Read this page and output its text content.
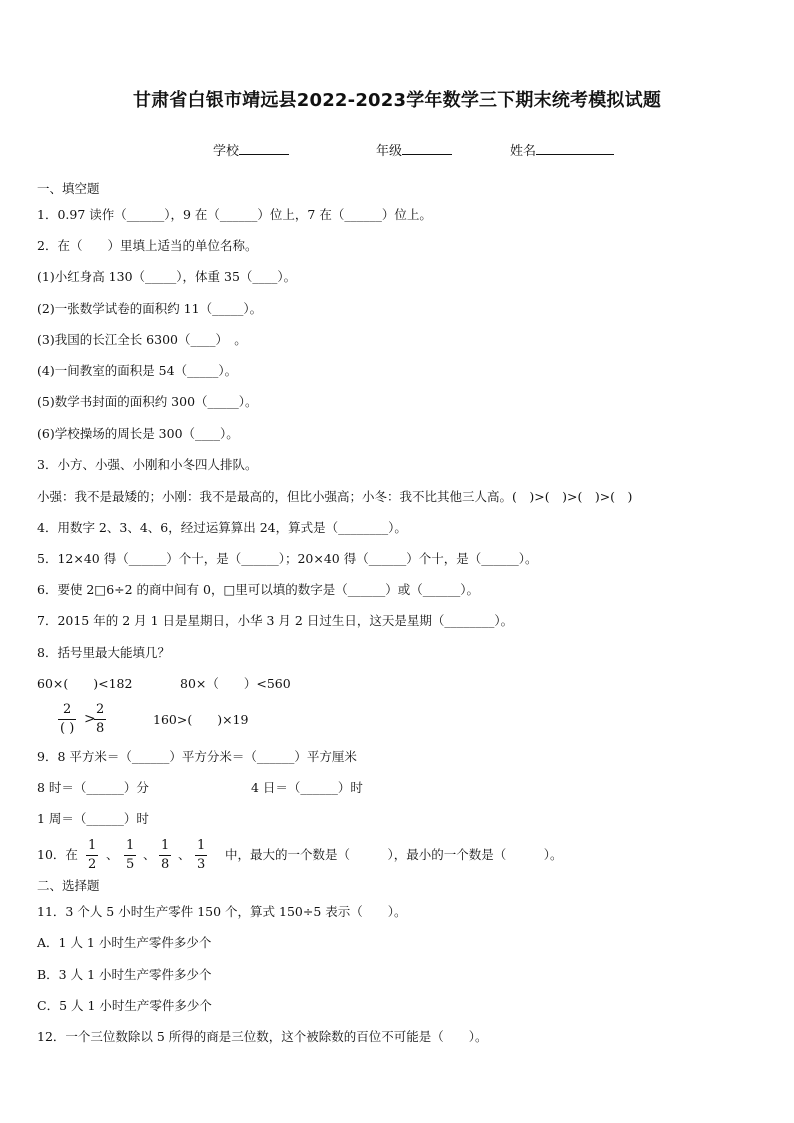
甘肃省白银市靖远县2022-2023学年数学三下期末统考模拟试题
学校	年级	姓名
一、填空题
1．0.97 读作（______），9 在（______）位上，7 在（______）位上。
2．在（　　）里填上适当的单位名称。
(1)小红身高 130（_____），体重 35（____）。
(2)一张数学试卷的面积约 11（_____）。
(3)我国的长江全长 6300（____）　。
(4)一间教室的面积是 54（_____）。
(5)数学书封面的面积约 300（_____）。
(6)学校操场的周长是 300（____）。
3．小方、小强、小刚和小冬四人排队。
小强：我不是最矮的；小刚：我不是最高的，但比小强高；小冬：我不比其他三人高。(　)>(　)>(　)>(　)
4．用数字 2、3、4、6，经过运算算出 24，算式是（________）。
5．12×40 得（______）个十，是（______）；20×40 得（______）个十，是（______）。
6．要使 2□6÷2 的商中间有 0，□里可以填的数字是（______）或（______）。
7．2015 年的 2 月 1 日是星期日，小华 3 月 2 日过生日，这天是星期（________）。
8．括号里最大能填几？
60×(　　)<182	80×（　　）<560
2
( )
>
2
8
160>(　　)×19
9．8 平方米＝（______）平方分米＝（______）平方厘米
8 时＝（______）分	4 日＝（______）时
1 周＝（______）时
10．在
1
2
、
1
5
、
1
8
、
1
3
中，最大的一个数是（　　　），最小的一个数是（　　　）。
二、选择题
11．3 个人 5 小时生产零件 150 个，算式 150÷5 表示（　　）。
A．1 人 1 小时生产零件多少个
B．3 人 1 小时生产零件多少个
C．5 人 1 小时生产零件多少个
12．一个三位数除以 5 所得的商是三位数，这个被除数的百位不可能是（　　）。
